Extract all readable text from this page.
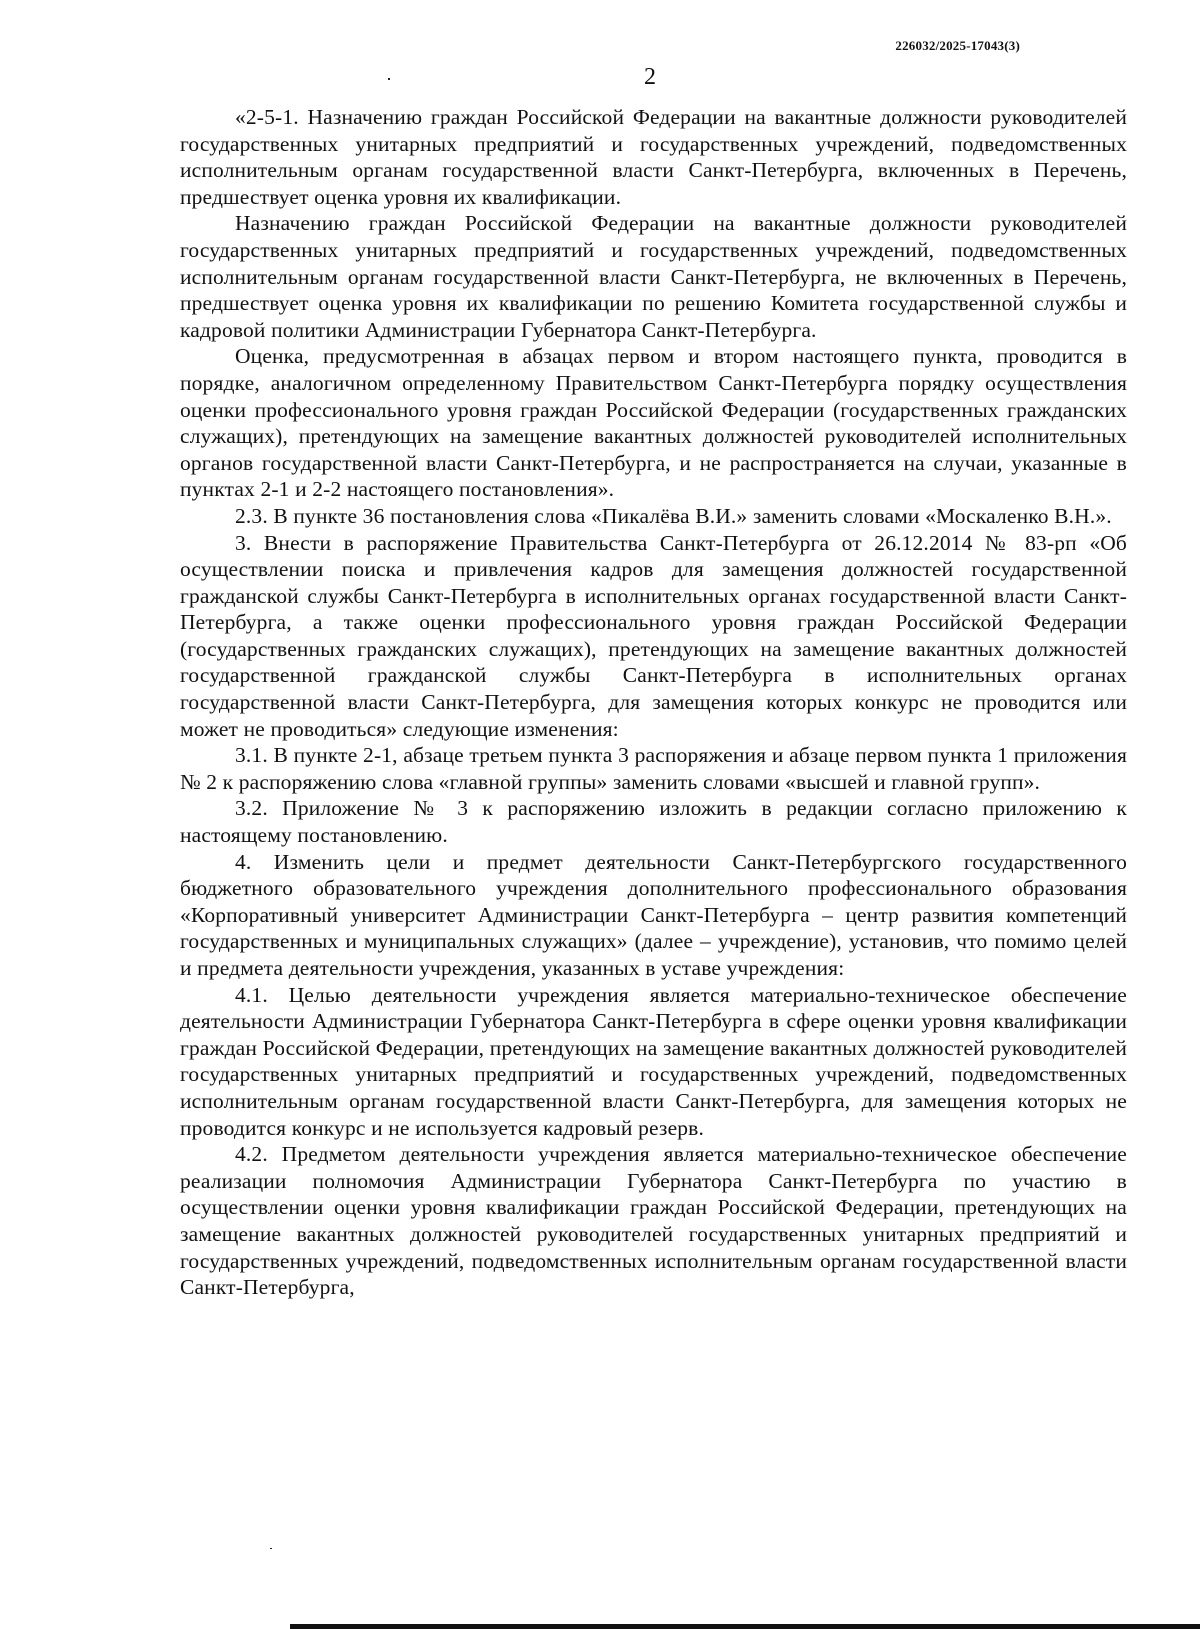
226032/2025-17043(3)
2

«2-5-1. Назначению граждан Российской Федерации на вакантные должности руководителей государственных унитарных предприятий и государственных учреждений, подведомственных исполнительным органам государственной власти Санкт-Петербурга, включенных в Перечень, предшествует оценка уровня их квалификации.

Назначению граждан Российской Федерации на вакантные должности руководителей государственных унитарных предприятий и государственных учреждений, подведомственных исполнительным органам государственной власти Санкт-Петербурга, не включенных в Перечень, предшествует оценка уровня их квалификации по решению Комитета государственной службы и кадровой политики Администрации Губернатора Санкт-Петербурга.

Оценка, предусмотренная в абзацах первом и втором настоящего пункта, проводится в порядке, аналогичном определенному Правительством Санкт-Петербурга порядку осуществления оценки профессионального уровня граждан Российской Федерации (государственных гражданских служащих), претендующих на замещение вакантных должностей руководителей исполнительных органов государственной власти Санкт-Петербурга, и не распространяется на случаи, указанные в пунктах 2-1 и 2-2 настоящего постановления».

2.3. В пункте 36 постановления слова «Пикалёва В.И.» заменить словами «Москаленко В.Н.».

3. Внести в распоряжение Правительства Санкт-Петербурга от 26.12.2014 № 83-рп «Об осуществлении поиска и привлечения кадров для замещения должностей государственной гражданской службы Санкт-Петербурга в исполнительных органах государственной власти Санкт-Петербурга, а также оценки профессионального уровня граждан Российской Федерации (государственных гражданских служащих), претендующих на замещение вакантных должностей государственной гражданской службы Санкт-Петербурга в исполнительных органах государственной власти Санкт-Петербурга, для замещения которых конкурс не проводится или может не проводиться» следующие изменения:

3.1. В пункте 2-1, абзаце третьем пункта 3 распоряжения и абзаце первом пункта 1 приложения № 2 к распоряжению слова «главной группы» заменить словами «высшей и главной групп».

3.2. Приложение № 3 к распоряжению изложить в редакции согласно приложению к настоящему постановлению.

4. Изменить цели и предмет деятельности Санкт-Петербургского государственного бюджетного образовательного учреждения дополнительного профессионального образования «Корпоративный университет Администрации Санкт-Петербурга – центр развития компетенций государственных и муниципальных служащих» (далее – учреждение), установив, что помимо целей и предмета деятельности учреждения, указанных в уставе учреждения:

4.1. Целью деятельности учреждения является материально-техническое обеспечение деятельности Администрации Губернатора Санкт-Петербурга в сфере оценки уровня квалификации граждан Российской Федерации, претендующих на замещение вакантных должностей руководителей государственных унитарных предприятий и государственных учреждений, подведомственных исполнительным органам государственной власти Санкт-Петербурга, для замещения которых не проводится конкурс и не используется кадровый резерв.

4.2. Предметом деятельности учреждения является материально-техническое обеспечение реализации полномочия Администрации Губернатора Санкт-Петербурга по участию в осуществлении оценки уровня квалификации граждан Российской Федерации, претендующих на замещение вакантных должностей руководителей государственных унитарных предприятий и государственных учреждений, подведомственных исполнительным органам государственной власти Санкт-Петербурга,
